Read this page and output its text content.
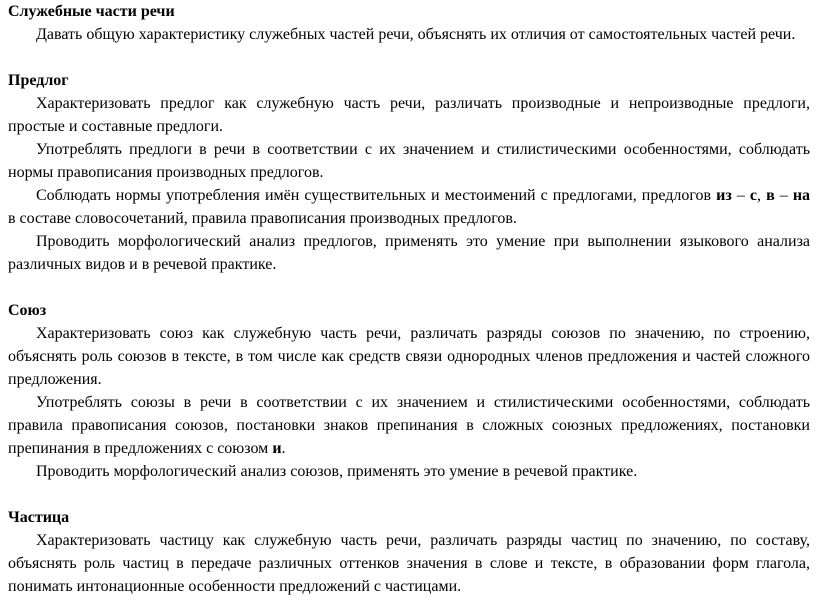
Служебные части речи
Давать общую характеристику служебных частей речи, объяснять их отличия от самостоятельных частей речи.
Предлог
Характеризовать предлог как служебную часть речи, различать производные и непроизводные предлоги,
простые и составные предлоги.
Употреблять предлоги в речи в соответствии с их значением и стилистическими особенностями, соблюдать
нормы правописания производных предлогов.
Соблюдать нормы употребления имён существительных и местоимений с предлогами, предлогов из – с, в – на
в составе словосочетаний, правила правописания производных предлогов.
Проводить морфологический анализ предлогов, применять это умение при выполнении языкового анализа
различных видов и в речевой практике.
Союз
Характеризовать союз как служебную часть речи, различать разряды союзов по значению, по строению,
объяснять роль союзов в тексте, в том числе как средств связи однородных членов предложения и частей сложного
предложения.
Употреблять союзы в речи в соответствии с их значением и стилистическими особенностями, соблюдать
правила правописания союзов, постановки знаков препинания в сложных союзных предложениях, постановки
препинания в предложениях с союзом и.
Проводить морфологический анализ союзов, применять это умение в речевой практике.
Частица
Характеризовать частицу как служебную часть речи, различать разряды частиц по значению, по составу,
объяснять роль частиц в передаче различных оттенков значения в слове и тексте, в образовании форм глагола,
понимать интонационные особенности предложений с частицами.
